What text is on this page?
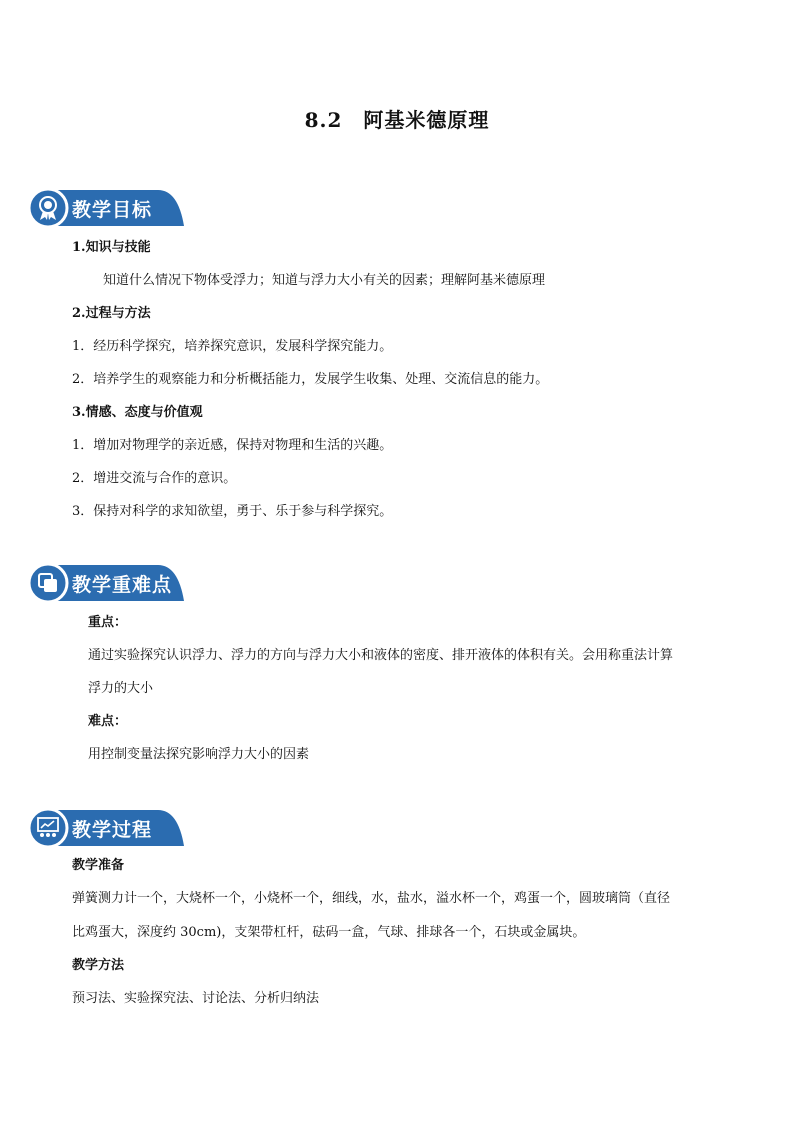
8.2　阿基米德原理
教学目标
1.知识与技能
知道什么情况下物体受浮力；知道与浮力大小有关的因素；理解阿基米德原理
2.过程与方法
1．经历科学探究，培养探究意识，发展科学探究能力。
2．培养学生的观察能力和分析概括能力，发展学生收集、处理、交流信息的能力。
3.情感、态度与价值观
1．增加对物理学的亲近感，保持对物理和生活的兴趣。
2．增进交流与合作的意识。
3．保持对科学的求知欲望，勇于、乐于参与科学探究。
教学重难点
重点：
通过实验探究认识浮力、浮力的方向与浮力大小和液体的密度、排开液体的体积有关。会用称重法计算
浮力的大小
难点：
用控制变量法探究影响浮力大小的因素
教学过程
教学准备
弹簧测力计一个，大烧杯一个，小烧杯一个，细线，水，盐水，溢水杯一个，鸡蛋一个，圆玻璃筒（直径
比鸡蛋大，深度约 30cm)，支架带杠杆，砝码一盒，气球、排球各一个，石块或金属块。
教学方法
预习法、实验探究法、讨论法、分析归纳法
